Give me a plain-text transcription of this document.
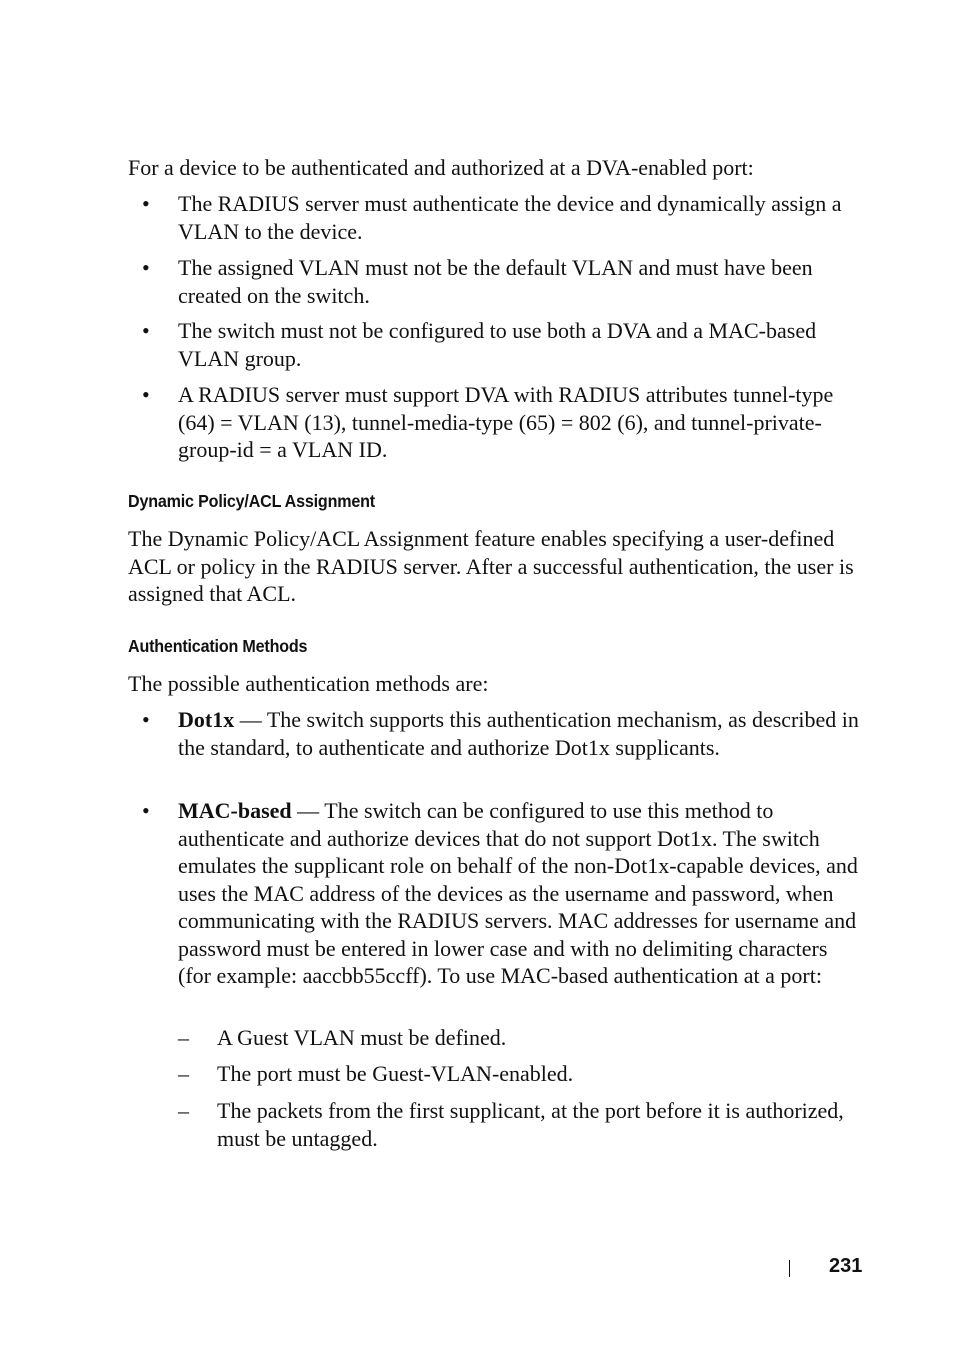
For a device to be authenticated and authorized at a DVA-enabled port:
• The RADIUS server must authenticate the device and dynamically assign a VLAN to the device.
• The assigned VLAN must not be the default VLAN and must have been created on the switch.
• The switch must not be configured to use both a DVA and a MAC-based VLAN group.
• A RADIUS server must support DVA with RADIUS attributes tunnel-type (64) = VLAN (13), tunnel-media-type (65) = 802 (6), and tunnel-private-group-id = a VLAN ID.
Dynamic Policy/ACL Assignment
The Dynamic Policy/ACL Assignment feature enables specifying a user-defined ACL or policy in the RADIUS server. After a successful authentication, the user is assigned that ACL.
Authentication Methods
The possible authentication methods are:
• Dot1x — The switch supports this authentication mechanism, as described in the standard, to authenticate and authorize Dot1x supplicants.
• MAC-based — The switch can be configured to use this method to authenticate and authorize devices that do not support Dot1x. The switch emulates the supplicant role on behalf of the non-Dot1x-capable devices, and uses the MAC address of the devices as the username and password, when communicating with the RADIUS servers. MAC addresses for username and password must be entered in lower case and with no delimiting characters (for example: aaccbb55ccff). To use MAC-based authentication at a port:
– A Guest VLAN must be defined.
– The port must be Guest-VLAN-enabled.
– The packets from the first supplicant, at the port before it is authorized, must be untagged.
231
